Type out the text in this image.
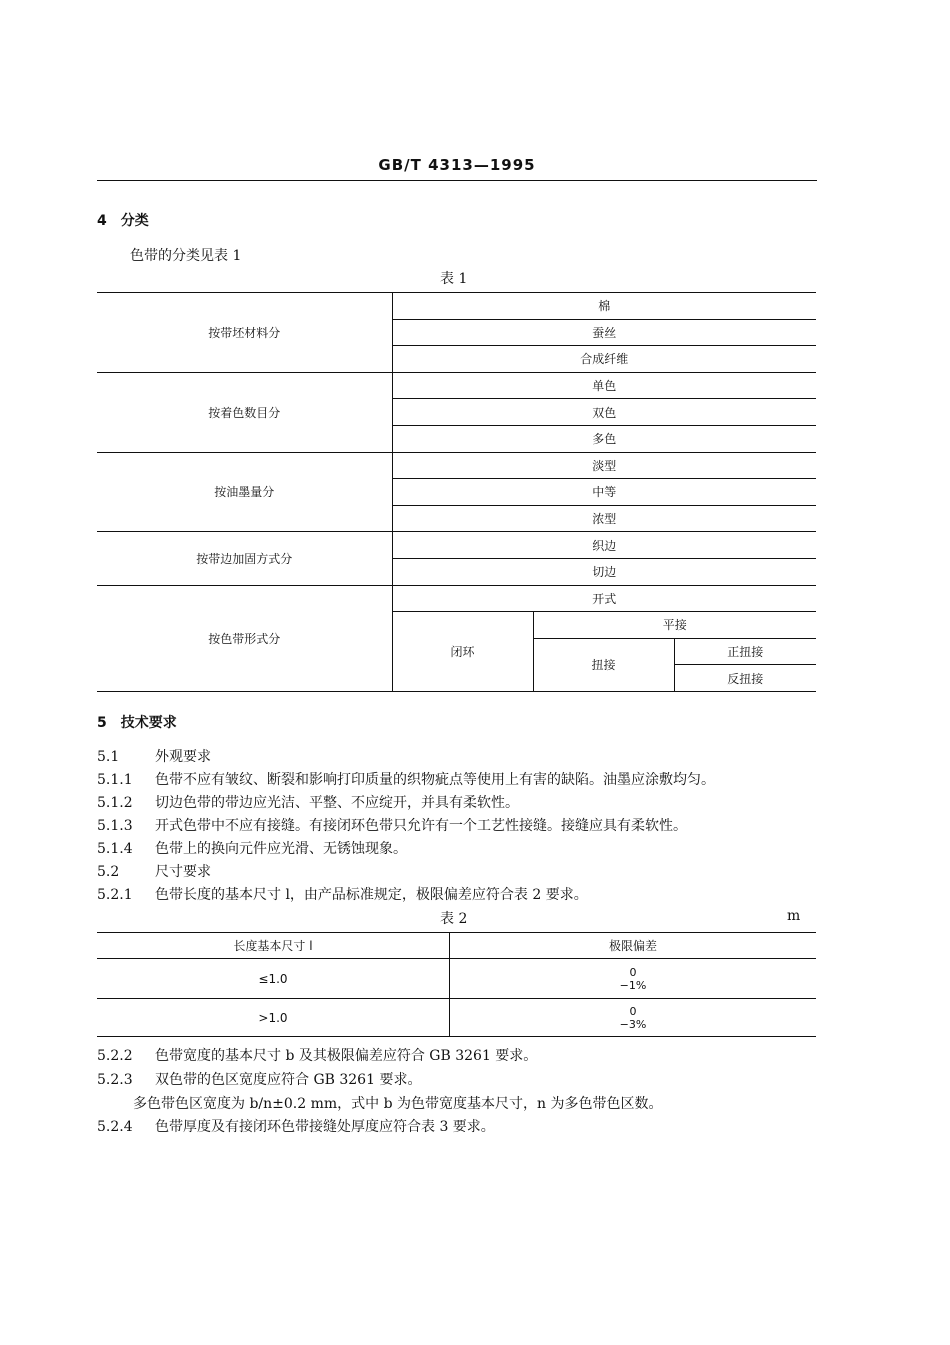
GB/T 4313—1995
4　分类
色带的分类见表 1
表 1
按带坯材料分	棉		
	蚕丝		
	合成纤维		
按着色数目分	单色		
	双色		
	多色		
按油墨量分	淡型		
	中等		
	浓型		
按带边加固方式分	织边		
	切边		
按色带形式分	开式		
	闭环	平接	
		扭接	正扭接
			反扭接
5　技术要求
5.1	外观要求
5.1.1 色带不应有皱纹、断裂和影响打印质量的织物疵点等使用上有害的缺陷。油墨应涂敷均匀。
5.1.2 切边色带的带边应光洁、平整、不应绽开，并具有柔软性。
5.1.3 开式色带中不应有接缝。有接闭环色带只允许有一个工艺性接缝。接缝应具有柔软性。
5.1.4 色带上的换向元件应光滑、无锈蚀现象。
5.2	尺寸要求
5.2.1 色带长度的基本尺寸 l，由产品标准规定，极限偏差应符合表 2 要求。
表 2	m
长度基本尺寸 l	极限偏差
≤1.0	0
−1%

>1.0	0
−3%
5.2.2 色带宽度的基本尺寸 b 及其极限偏差应符合 GB 3261 要求。
5.2.3 双色带的色区宽度应符合 GB 3261 要求。
多色带色区宽度为 b/n±0.2 mm，式中 b 为色带宽度基本尺寸，n 为多色带色区数。
5.2.4 色带厚度及有接闭环色带接缝处厚度应符合表 3 要求。
